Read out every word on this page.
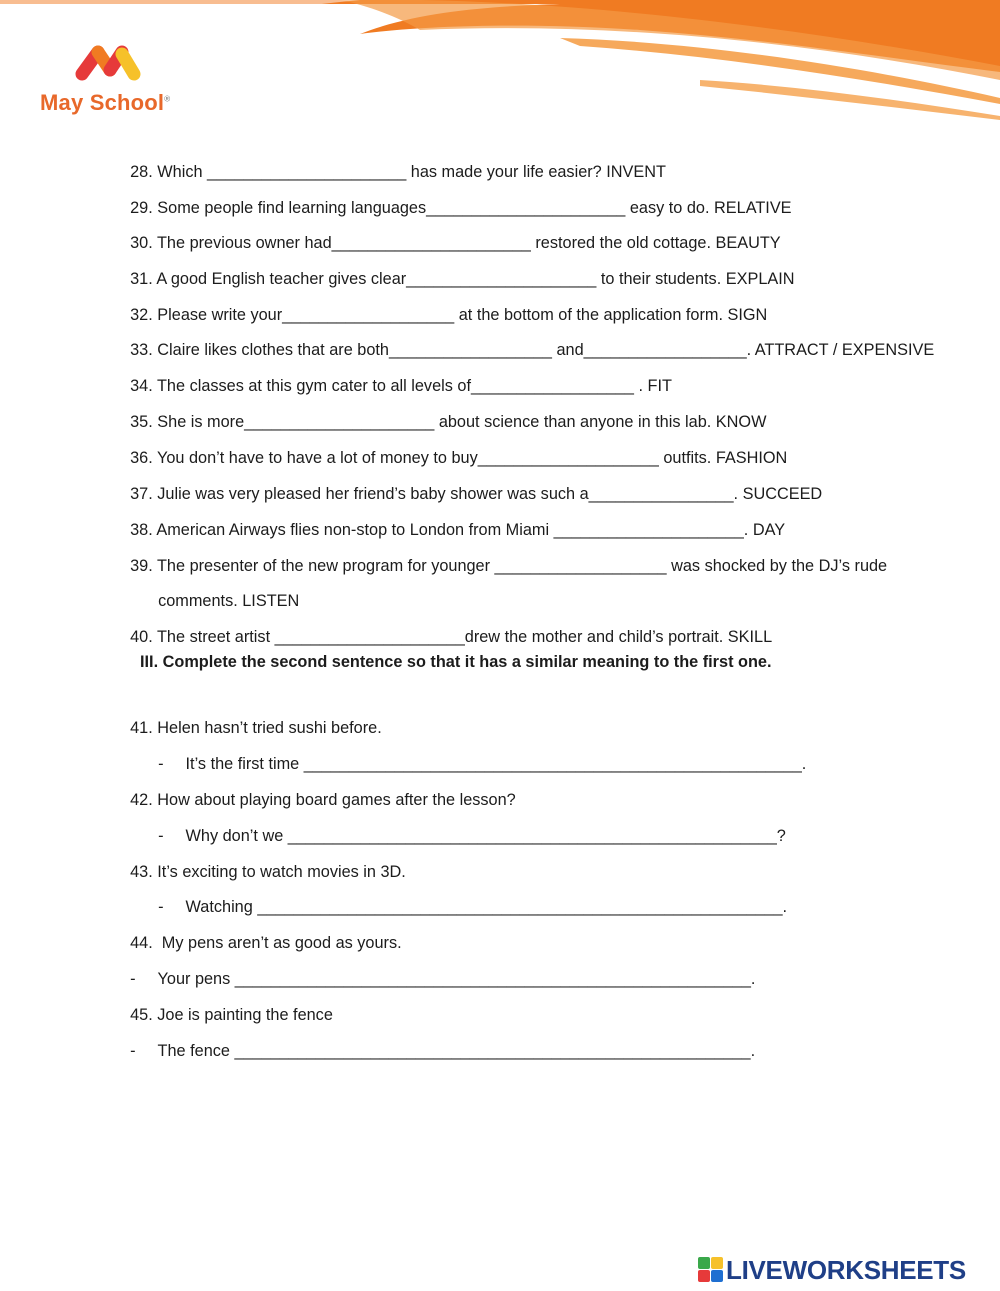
May School®

28. Which ______________________ has made your life easier? INVENT

29. Some people find learning languages______________________ easy to do. RELATIVE

30. The previous owner had______________________ restored the old cottage. BEAUTY

31. A good English teacher gives clear_____________________ to their students. EXPLAIN

32. Please write your___________________ at the bottom of the application form. SIGN

33. Claire likes clothes that are both__________________ and__________________. ATTRACT / EXPENSIVE

34. The classes at this gym cater to all levels of__________________ . FIT

35. She is more_____________________ about science than anyone in this lab. KNOW

36. You don’t have to have a lot of money to buy____________________ outfits. FASHION

37. Julie was very pleased her friend’s baby shower was such a________________. SUCCEED

38. American Airways flies non-stop to London from Miami _____________________. DAY

39. The presenter of the new program for younger ___________________ was shocked by the DJ’s rude

comments. LISTEN

40. The street artist _____________________drew the mother and child’s portrait. SKILL

III. Complete the second sentence so that it has a similar meaning to the first one.

41. Helen hasn’t tried sushi before.

- It’s the first time _______________________________________________________.

42. How about playing board games after the lesson?

- Why don’t we ______________________________________________________?

43. It’s exciting to watch movies in 3D.

- Watching __________________________________________________________.

44.  My pens aren’t as good as yours.

- Your pens _________________________________________________________.

45. Joe is painting the fence

- The fence _________________________________________________________.

LIVEWORKSHEETS
